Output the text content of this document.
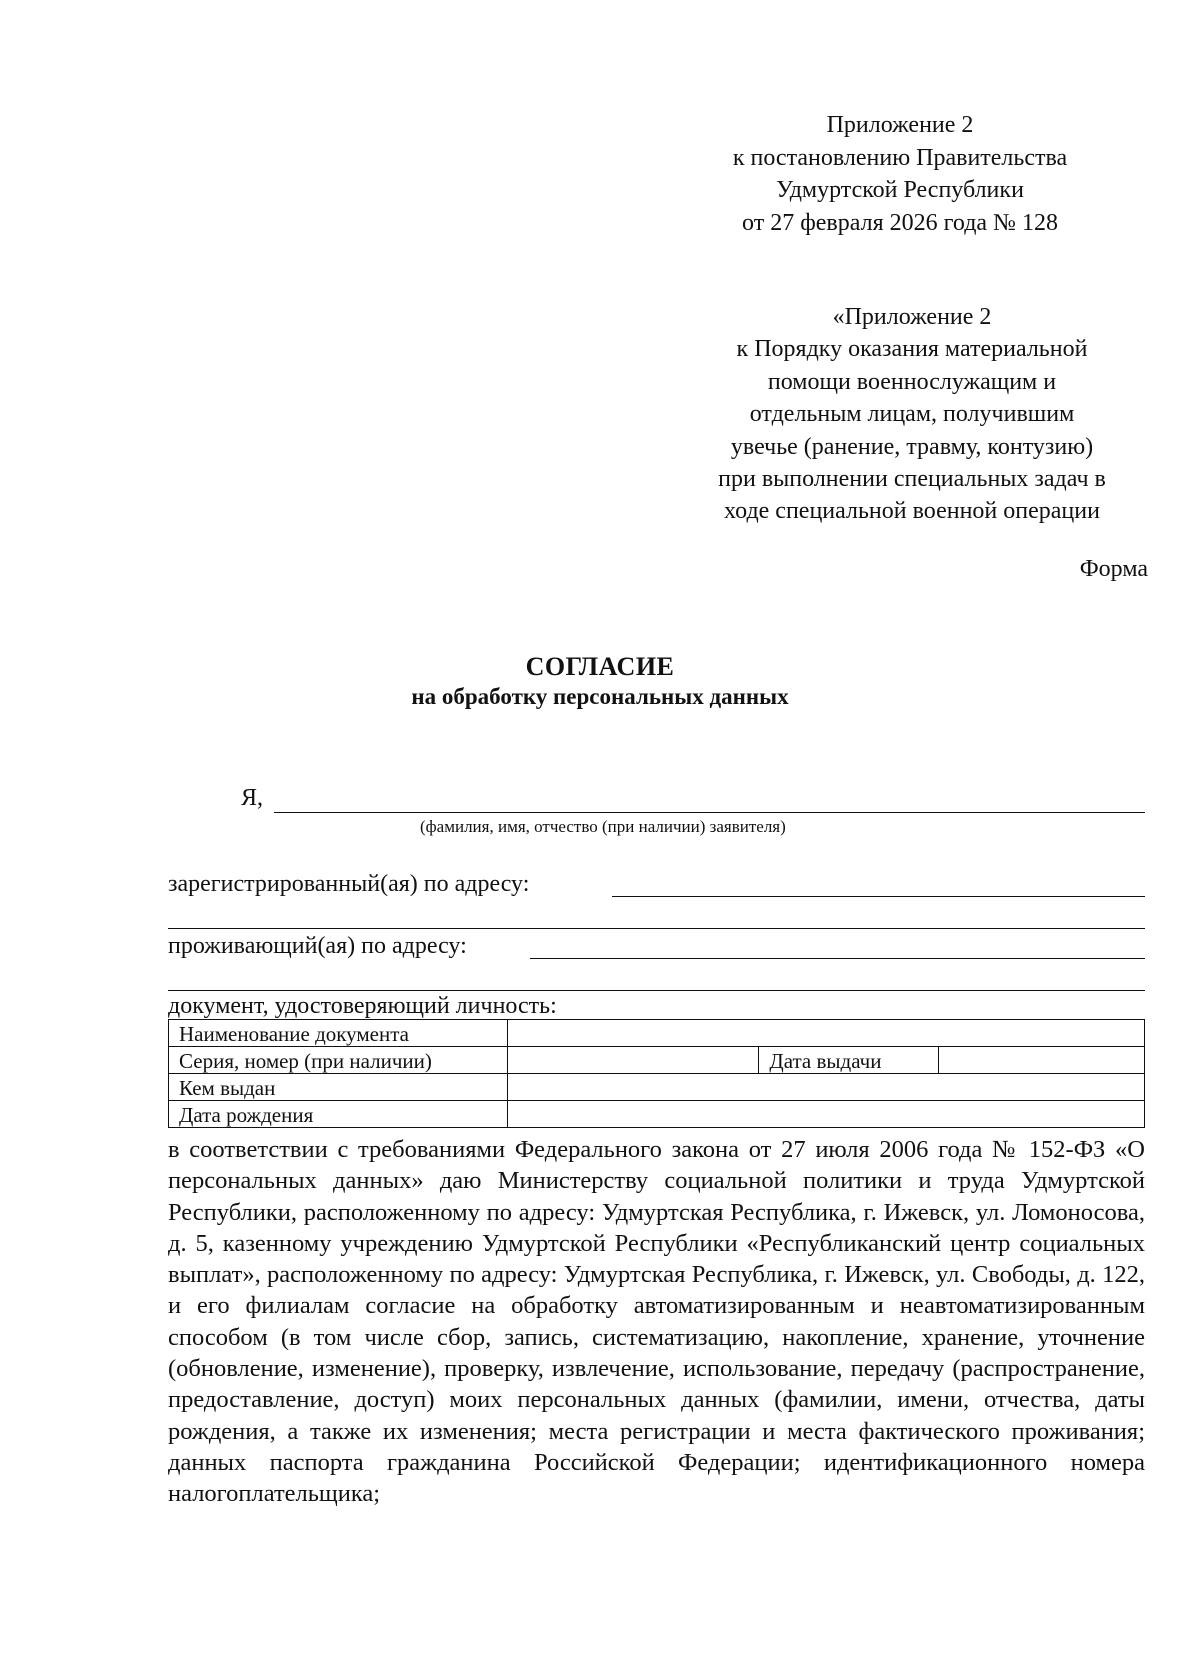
Приложение 2
к постановлению Правительства
Удмуртской Республики
от 27 февраля 2026 года № 128
«Приложение 2
к Порядку оказания материальной
помощи военнослужащим и
отдельным лицам, получившим
увечье (ранение, травму, контузию)
при выполнении специальных задач в
ходе специальной военной операции
Форма
СОГЛАСИЕ
на обработку персональных данных
Я,
(фамилия, имя, отчество (при наличии) заявителя)
зарегистрированный(ая) по адресу:
проживающий(ая) по адресу:
документ, удостоверяющий личность:
Наименование документа			
Серия, номер (при наличии)		Дата выдачи	
Кем выдан			
Дата рождения			
в соответствии с требованиями Федерального закона от 27 июля 2006 года № 152-ФЗ «О персональных данных» даю Министерству социальной политики и труда Удмуртской Республики, расположенному по адресу: Удмуртская Республика, г. Ижевск, ул. Ломоносова, д. 5, казенному учреждению Удмуртской Республики «Республиканский центр социальных выплат», расположенному по адресу: Удмуртская Республика, г. Ижевск, ул. Свободы, д. 122, и его филиалам согласие на обработку автоматизированным и неавтоматизированным способом (в том числе сбор, запись, систематизацию, накопление, хранение, уточнение (обновление, изменение), проверку, извлечение, использование, передачу (распространение, предоставление, доступ) моих персональных данных (фамилии, имени, отчества, даты рождения, а также их изменения; места регистрации и места фактического проживания; данных паспорта гражданина Российской Федерации; идентификационного номера налогоплательщика;
